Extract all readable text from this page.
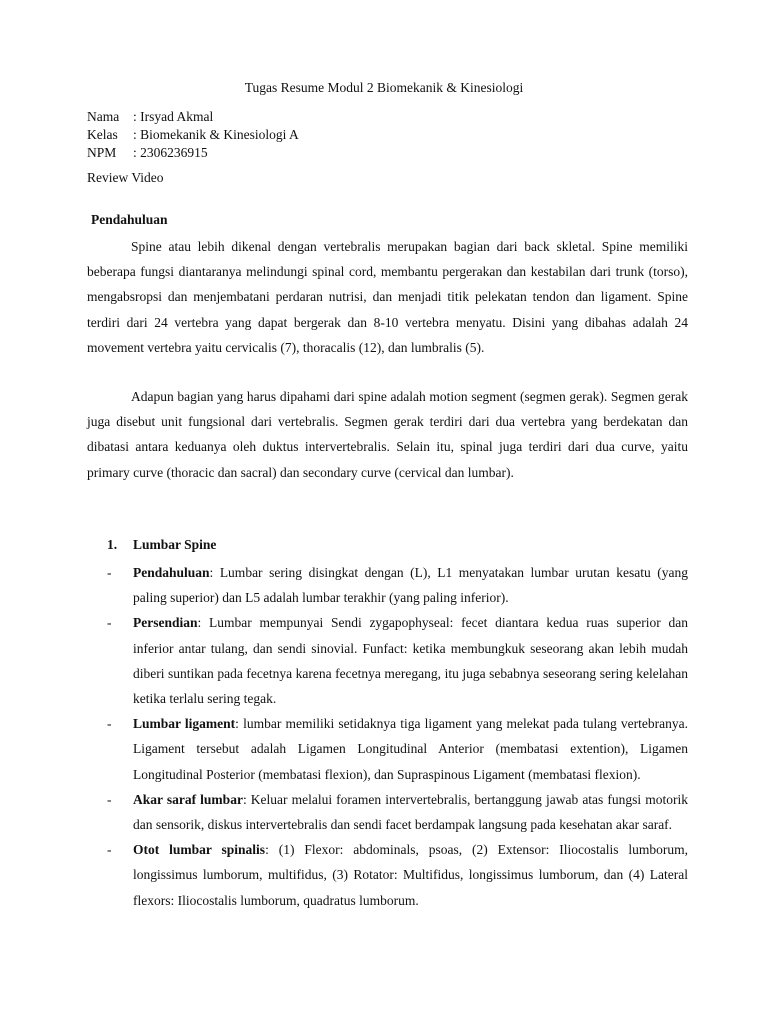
Tugas Resume Modul 2 Biomekanik & Kinesiologi
Nama	: Irsyad Akmal
Kelas	: Biomekanik & Kinesiologi A
NPM	: 2306236915
Review Video
Pendahuluan

Spine atau lebih dikenal dengan vertebralis merupakan bagian dari back skletal. Spine memiliki beberapa fungsi diantaranya melindungi spinal cord, membantu pergerakan dan kestabilan dari trunk (torso), mengabsropsi dan menjembatani perdaran nutrisi, dan menjadi titik pelekatan tendon dan ligament. Spine terdiri dari 24 vertebra yang dapat bergerak dan 8-10 vertebra menyatu. Disini yang dibahas adalah 24 movement vertebra yaitu cervicalis (7), thoracalis (12), dan lumbralis (5).

Adapun bagian yang harus dipahami dari spine adalah motion segment (segmen gerak). Segmen gerak juga disebut unit fungsional dari vertebralis. Segmen gerak terdiri dari dua vertebra yang berdekatan dan dibatasi antara keduanya oleh duktus intervertebralis. Selain itu, spinal juga terdiri dari dua curve, yaitu primary curve (thoracic dan sacral) dan secondary curve (cervical dan lumbar).

1.	Lumbar Spine
-	Pendahuluan: Lumbar sering disingkat dengan (L), L1 menyatakan lumbar urutan kesatu (yang paling superior) dan L5 adalah lumbar terakhir (yang paling inferior).
-	Persendian: Lumbar mempunyai Sendi zygapophyseal: fecet diantara kedua ruas superior dan inferior antar tulang, dan sendi sinovial. Funfact: ketika membungkuk seseorang akan lebih mudah diberi suntikan pada fecetnya karena fecetnya meregang, itu juga sebabnya seseorang sering kelelahan ketika terlalu sering tegak.
-	Lumbar ligament: lumbar memiliki setidaknya tiga ligament yang melekat pada tulang vertebranya. Ligament tersebut adalah Ligamen Longitudinal Anterior (membatasi extention), Ligamen Longitudinal Posterior (membatasi flexion), dan Supraspinous Ligament (membatasi flexion).
-	Akar saraf lumbar: Keluar melalui foramen intervertebralis, bertanggung jawab atas fungsi motorik dan sensorik, diskus intervertebralis dan sendi facet berdampak langsung pada kesehatan akar saraf.
-	Otot lumbar spinalis: (1) Flexor: abdominals, psoas, (2) Extensor: Iliocostalis lumborum, longissimus lumborum, multifidus, (3) Rotator: Multifidus, longissimus lumborum, dan (4) Lateral flexors: Iliocostalis lumborum, quadratus lumborum.
